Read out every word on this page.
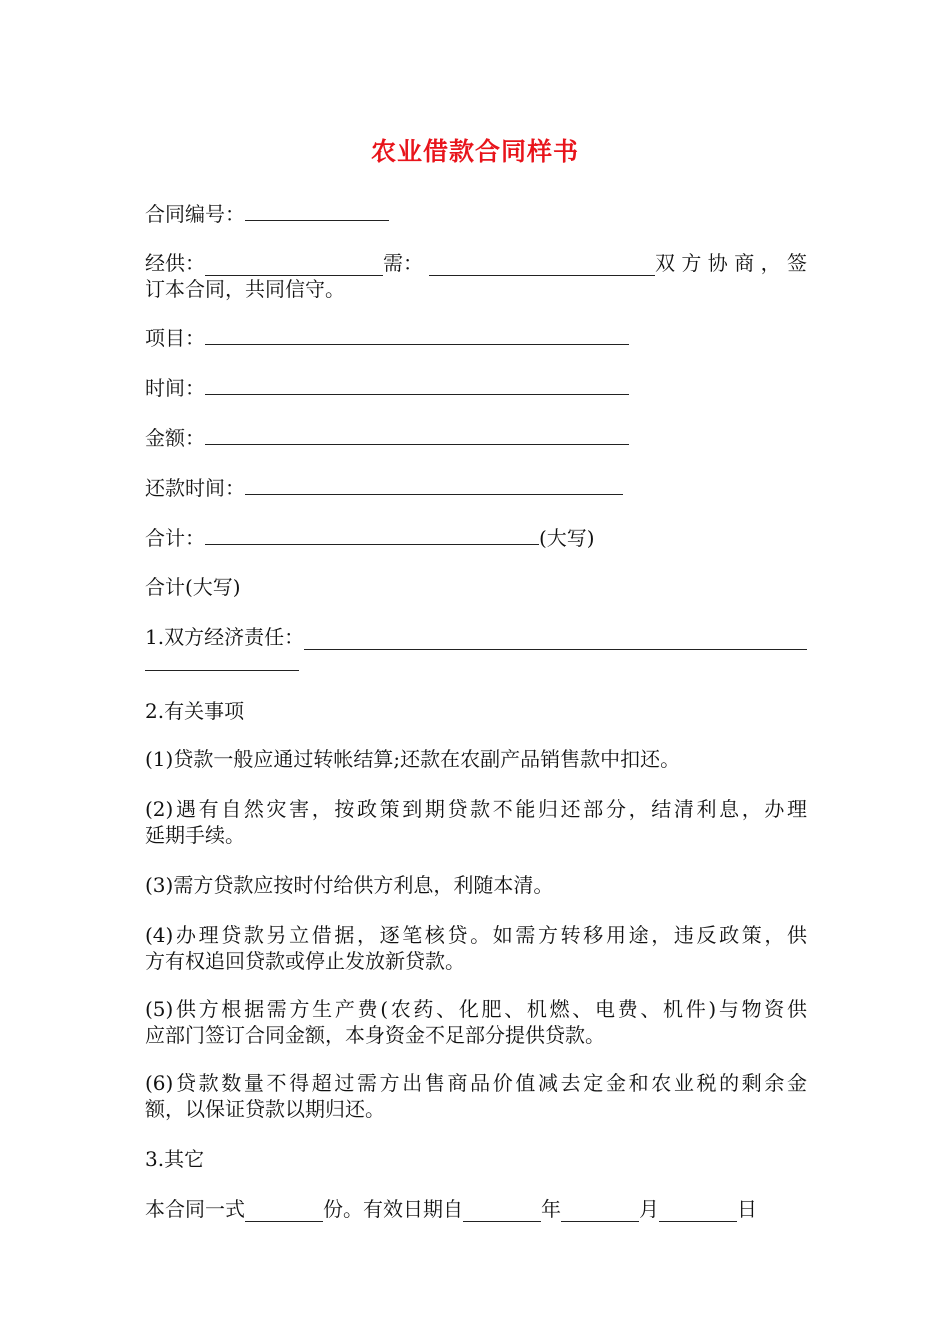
农业借款合同样书
合同编号：
经供：	需：	双方协商，签
订本合同，共同信守。
项目：
时间：
金额：
还款时间：
合计：	(大写)
合计(大写)
1.双方经济责任：
2.有关事项
(1)贷款一般应通过转帐结算;还款在农副产品销售款中扣还。
(2)遇有自然灾害，按政策到期贷款不能归还部分，结清利息，办理
延期手续。
(3)需方贷款应按时付给供方利息，利随本清。
(4)办理贷款另立借据，逐笔核贷。如需方转移用途，违反政策，供
方有权追回贷款或停止发放新贷款。
(5)供方根据需方生产费(农药、化肥、机燃、电费、机件)与物资供
应部门签订合同金额，本身资金不足部分提供贷款。
(6)贷款数量不得超过需方出售商品价值减去定金和农业税的剩余金
额，以保证贷款以期归还。
3.其它
本合同一式	份。有效日期自	年	月	日
